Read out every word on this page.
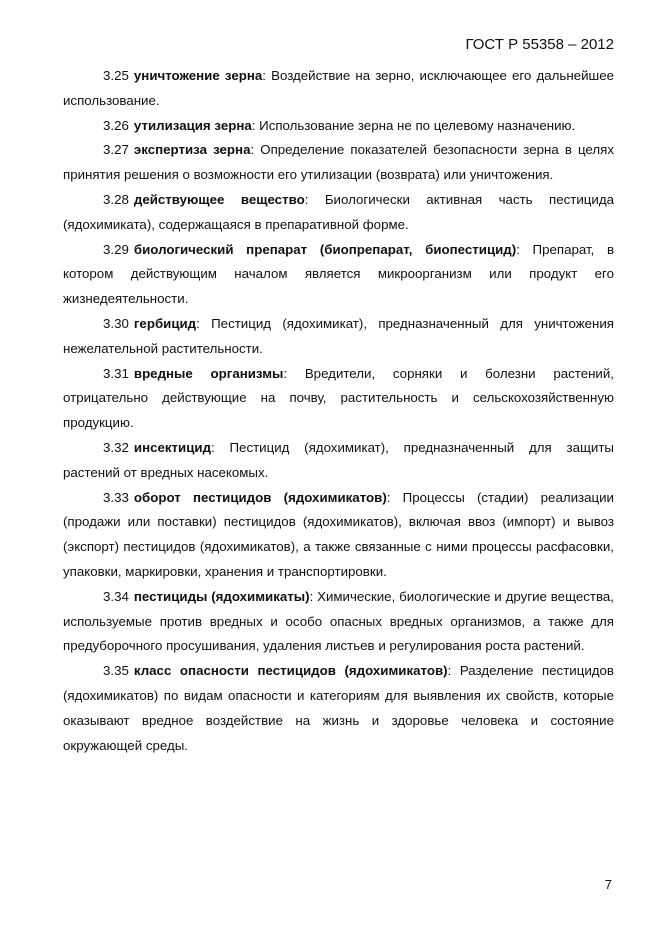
ГОСТ Р 55358 – 2012

3.25 уничтожение зерна: Воздействие на зерно, исключающее его дальнейшее использование.

3.26 утилизация зерна: Использование зерна не по целевому назначению.

3.27 экспертиза зерна: Определение показателей безопасности зерна в целях принятия решения о возможности его утилизации (возврата) или уничтожения.

3.28 действующее вещество: Биологически активная часть пестицида (ядохимиката), содержащаяся в препаративной форме.

3.29 биологический препарат (биопрепарат, биопестицид): Препарат, в котором действующим началом является микроорганизм или продукт его жизнедеятельности.

3.30 гербицид: Пестицид (ядохимикат), предназначенный для уничтожения нежелательной растительности.

3.31 вредные организмы: Вредители, сорняки и болезни растений, отрицательно действующие на почву, растительность и сельскохозяйственную продукцию.

3.32 инсектицид: Пестицид (ядохимикат), предназначенный для защиты растений от вредных насекомых.

3.33 оборот пестицидов (ядохимикатов): Процессы (стадии) реализации (продажи или поставки) пестицидов (ядохимикатов), включая ввоз (импорт) и вывоз (экспорт) пестицидов (ядохимикатов), а также связанные с ними процессы расфасовки, упаковки, маркировки, хранения и транспортировки.

3.34 пестициды (ядохимикаты): Химические, биологические и другие вещества, используемые против вредных и особо опасных вредных организмов, а также для предуборочного просушивания, удаления листьев и регулирования роста растений.

3.35 класс опасности пестицидов (ядохимикатов): Разделение пестицидов (ядохимикатов) по видам опасности и категориям для выявления их свойств, которые оказывают вредное воздействие на жизнь и здоровье человека и состояние окружающей среды.

7
